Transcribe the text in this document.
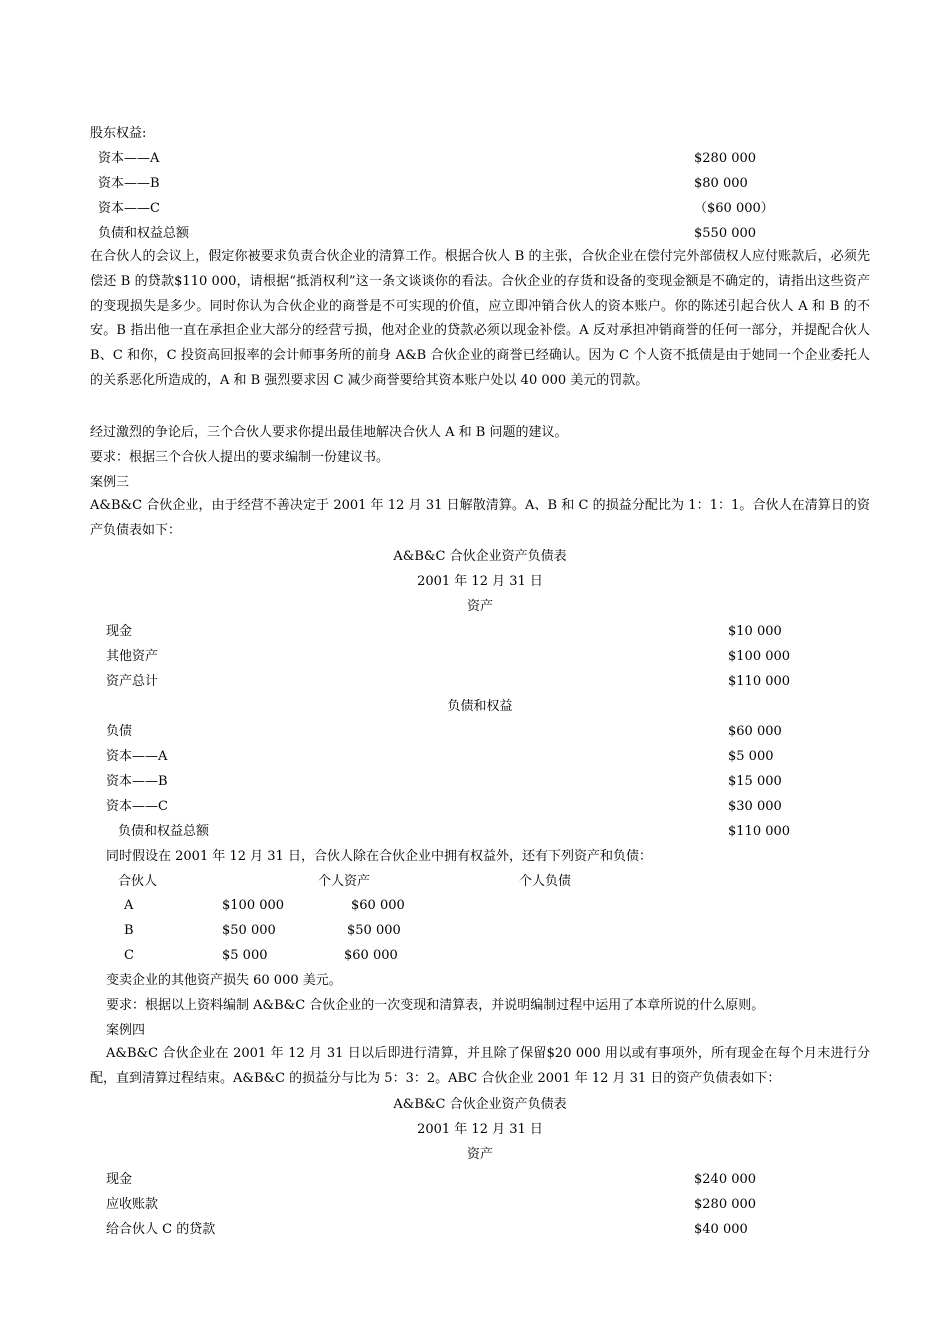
股东权益:
资本——A	$280 000
资本——B	$80 000
资本——C	（$60 000）
负债和权益总额	$550 000
在合伙人的会议上，假定你被要求负责合伙企业的清算工作。根据合伙人 B 的主张，合伙企业在偿付完外部债权人应付账款后，必须先偿还 B 的贷款$110 000，请根据“抵消权利”这一条文谈谈你的看法。合伙企业的存货和设备的变现金额是不确定的，请指出这些资产的变现损失是多少。同时你认为合伙企业的商誉是不可实现的价值，应立即冲销合伙人的资本账户。你的陈述引起合伙人 A 和 B 的不安。B 指出他一直在承担企业大部分的经营亏损，他对企业的贷款必须以现金补偿。A 反对承担冲销商誉的任何一部分，并提配合伙人 B、C 和你，C 投资高回报率的会计师事务所的前身 A&B 合伙企业的商誉已经确认。因为 C 个人资不抵债是由于她同一个企业委托人的关系恶化所造成的，A 和 B 强烈要求因 C 减少商誉要给其资本账户处以 40 000 美元的罚款。
经过激烈的争论后，三个合伙人要求你提出最佳地解决合伙人 A 和 B 问题的建议。
要求：根据三个合伙人提出的要求编制一份建议书。
案例三
A&B&C 合伙企业，由于经营不善决定于 2001 年 12 月 31 日解散清算。A、B 和 C 的损益分配比为 1：1：1。合伙人在清算日的资产负债表如下：
A&B&C 合伙企业资产负债表
2001 年 12 月 31 日
资产
现金	$10 000
其他资产	$100 000
资产总计	$110 000
负债和权益
负债	$60 000
资本——A	$5 000
资本——B	$15 000
资本——C	$30 000
负债和权益总额	$110 000
同时假设在 2001 年 12 月 31 日，合伙人除在合伙企业中拥有权益外，还有下列资产和负债：
合伙人	个人资产	个人负债
A	$100 000	$60 000
B	$50 000	$50 000
C	$5 000	$60 000
变卖企业的其他资产损失 60 000 美元。
要求：根据以上资料编制 A&B&C 合伙企业的一次变现和清算表，并说明编制过程中运用了本章所说的什么原则。
案例四
A&B&C 合伙企业在 2001 年 12 月 31 日以后即进行清算，并且除了保留$20 000 用以或有事项外，所有现金在每个月末进行分配，直到清算过程结束。A&B&C 的损益分与比为 5：3：2。ABC 合伙企业 2001 年 12 月 31 日的资产负债表如下：
A&B&C 合伙企业资产负债表
2001 年 12 月 31 日
资产
现金	$240 000
应收账款	$280 000
给合伙人 C 的贷款	$40 000
